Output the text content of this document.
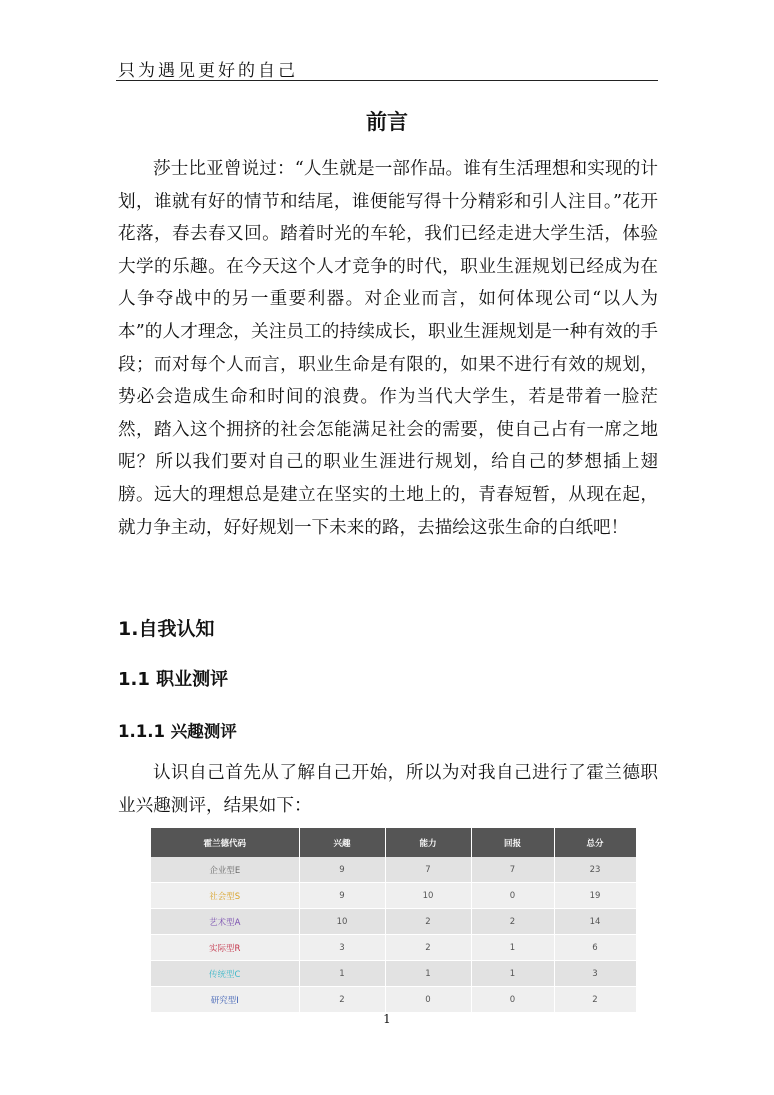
只为遇见更好的自己
前言

莎士比亚曾说过：“人生就是一部作品。谁有生活理想和实现的计划，谁就有好的情节和结尾，谁便能写得十分精彩和引人注目。”花开花落，春去春又回。踏着时光的车轮，我们已经走进大学生活，体验大学的乐趣。在今天这个人才竞争的时代，职业生涯规划已经成为在人争夺战中的另一重要利器。对企业而言，如何体现公司“以人为本”的人才理念，关注员工的持续成长，职业生涯规划是一种有效的手段；而对每个人而言，职业生命是有限的，如果不进行有效的规划，势必会造成生命和时间的浪费。作为当代大学生，若是带着一脸茫然，踏入这个拥挤的社会怎能满足社会的需要，使自己占有一席之地呢？所以我们要对自己的职业生涯进行规划，给自己的梦想插上翅膀。远大的理想总是建立在坚实的土地上的，青春短暂，从现在起，就力争主动，好好规划一下未来的路，去描绘这张生命的白纸吧！

1.自我认知
1.1 职业测评
1.1.1 兴趣测评

认识自己首先从了解自己开始，所以为对我自己进行了霍兰德职业兴趣测评，结果如下：

霍兰德代码	兴趣	能力	回报	总分
企业型E	9	7	7	23
社会型S	9	10	0	19
艺术型A	10	2	2	14
实际型R	3	2	1	6
传统型C	1	1	1	3
研究型I	2	0	0	2
1
